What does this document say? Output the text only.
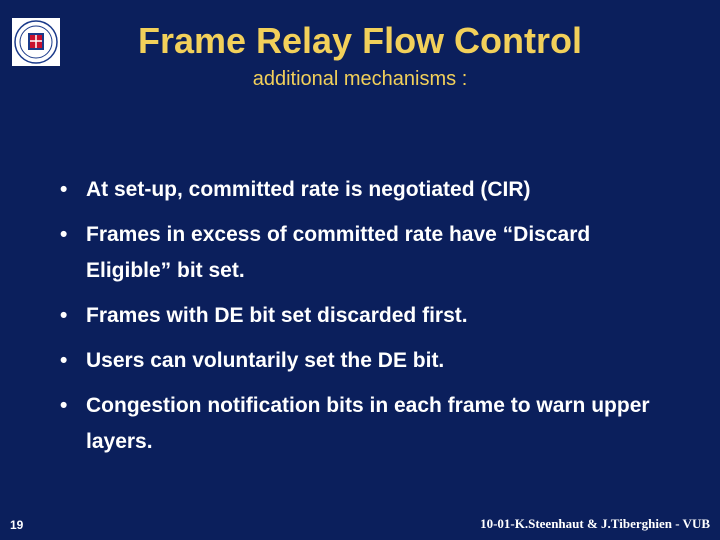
Frame Relay Flow Control
additional mechanisms :
• At set-up, committed rate is negotiated (CIR)
• Frames in excess of committed rate have “Discard Eligible” bit set.
• Frames with DE bit set discarded first.
• Users can voluntarily set the DE bit.
• Congestion notification bits in each frame to warn upper layers.
19	10-01-K.Steenhaut & J.Tiberghien - VUB
